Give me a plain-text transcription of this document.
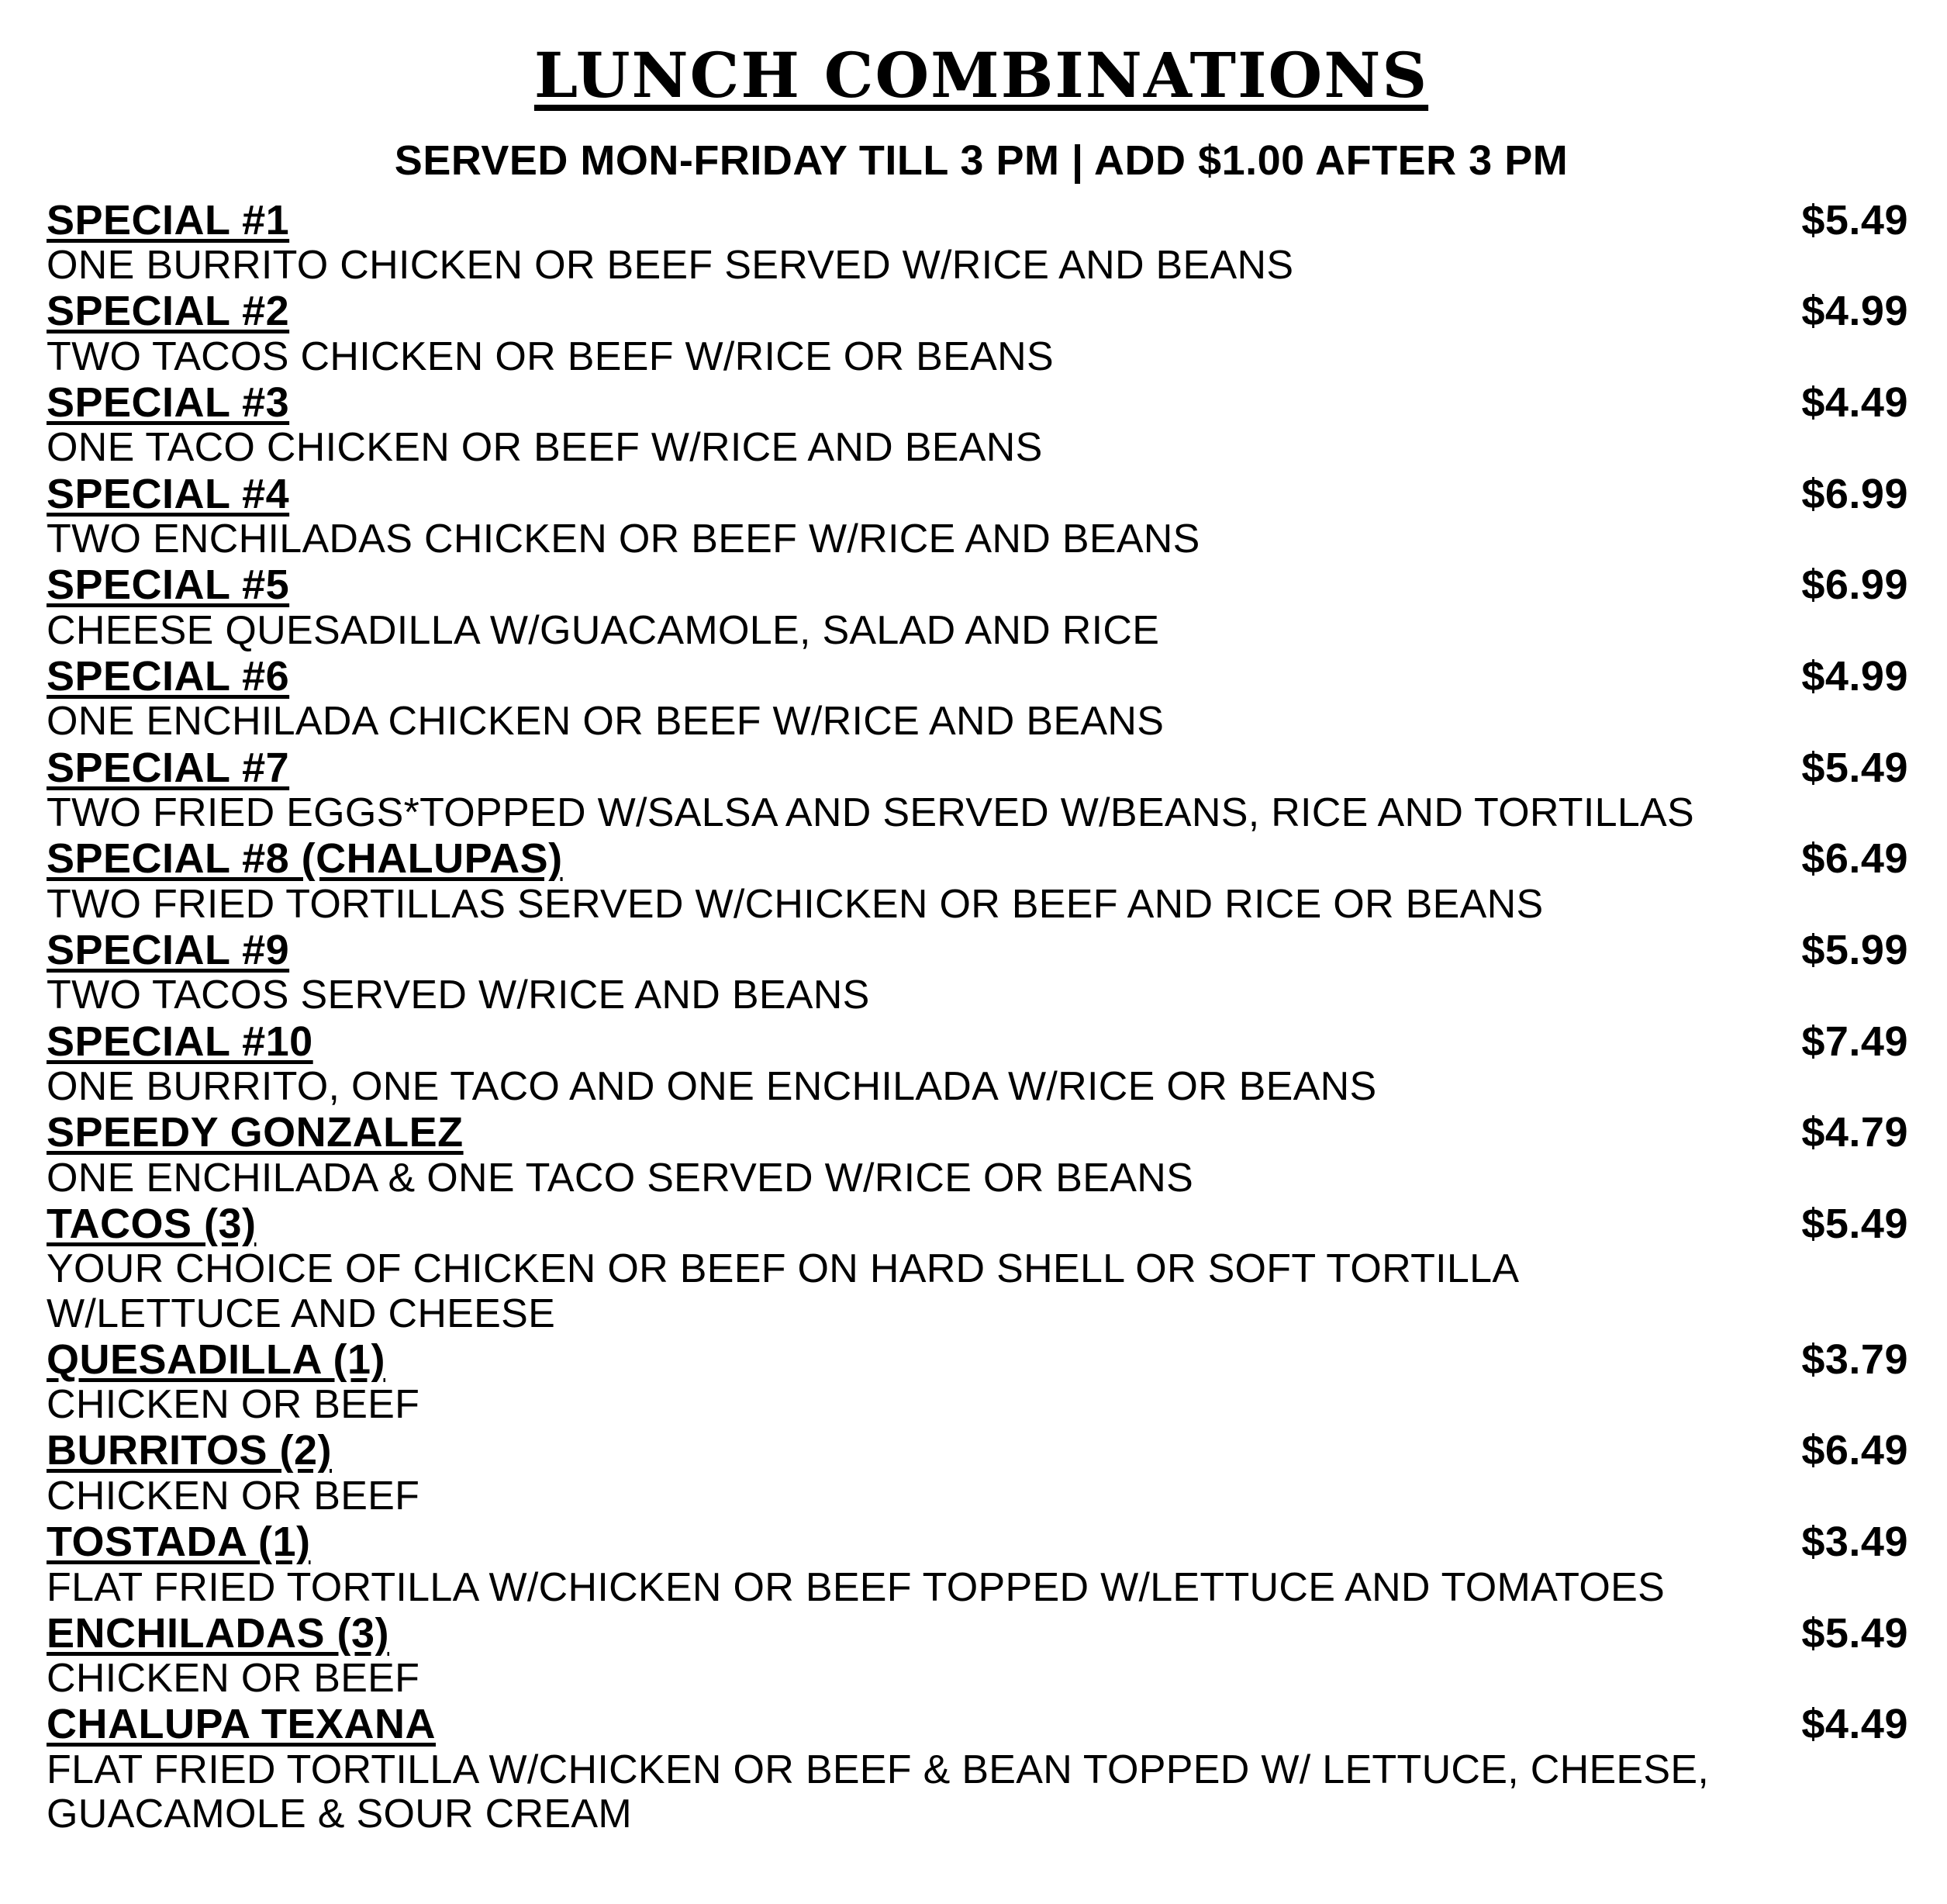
LUNCH COMBINATIONS
SERVED MON-FRIDAY TILL 3 PM | ADD $1.00 AFTER 3 PM
SPECIAL #1	$5.49
ONE BURRITO CHICKEN OR BEEF SERVED W/RICE AND BEANS
SPECIAL #2	$4.99
TWO TACOS CHICKEN OR BEEF W/RICE OR BEANS
SPECIAL #3	$4.49
ONE TACO CHICKEN OR BEEF W/RICE AND BEANS
SPECIAL #4	$6.99
TWO ENCHILADAS CHICKEN OR BEEF W/RICE AND BEANS
SPECIAL #5	$6.99
CHEESE QUESADILLA W/GUACAMOLE, SALAD AND RICE
SPECIAL #6	$4.99
ONE ENCHILADA CHICKEN OR BEEF W/RICE AND BEANS
SPECIAL #7	$5.49
TWO FRIED EGGS*TOPPED W/SALSA AND SERVED W/BEANS, RICE AND TORTILLAS
SPECIAL #8 (CHALUPAS)	$6.49
TWO FRIED TORTILLAS SERVED W/CHICKEN OR BEEF AND RICE OR BEANS
SPECIAL #9	$5.99
TWO TACOS SERVED W/RICE AND BEANS
SPECIAL #10	$7.49
ONE BURRITO, ONE TACO AND ONE ENCHILADA W/RICE OR BEANS
SPEEDY GONZALEZ	$4.79
ONE ENCHILADA & ONE TACO SERVED W/RICE OR BEANS
TACOS (3)	$5.49
YOUR CHOICE OF CHICKEN OR BEEF ON HARD SHELL OR SOFT TORTILLA W/LETTUCE AND CHEESE
QUESADILLA (1)	$3.79
CHICKEN OR BEEF
BURRITOS (2)	$6.49
CHICKEN OR BEEF
TOSTADA (1)	$3.49
FLAT FRIED TORTILLA W/CHICKEN OR BEEF TOPPED W/LETTUCE AND TOMATOES
ENCHILADAS (3)	$5.49
CHICKEN OR BEEF
CHALUPA TEXANA	$4.49
FLAT FRIED TORTILLA W/CHICKEN OR BEEF & BEAN TOPPED W/ LETTUCE, CHEESE, GUACAMOLE & SOUR CREAM
